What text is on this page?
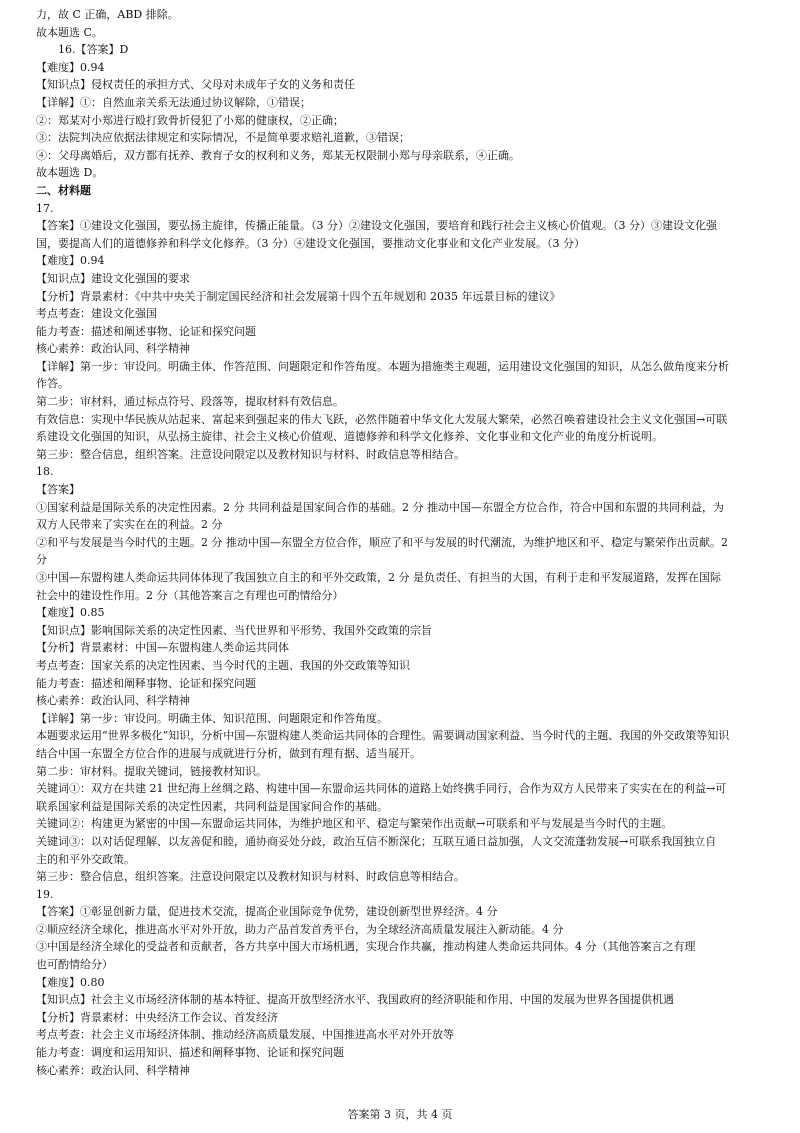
力，故 C 正确，ABD 排除。
故本题选 C。
16.【答案】D
【难度】0.94
【知识点】侵权责任的承担方式、父母对未成年子女的义务和责任
【详解】①：自然血亲关系无法通过协议解除，①错误；
②：郑某对小郑进行殴打致骨折侵犯了小郑的健康权，②正确；
③：法院判决应依据法律规定和实际情况，不是简单要求赔礼道歉，③错误；
④：父母离婚后，双方都有抚养、教育子女的权利和义务，郑某无权限制小郑与母亲联系，④正确。
故本题选 D。
二、材料题
17.
【答案】①建设文化强国，要弘扬主旋律，传播正能量。（3 分）②建设文化强国，要培育和践行社会主义核心价值观。（3 分）③建设文化强
国，要提高人们的道德修养和科学文化修养。（3 分）④建设文化强国，要推动文化事业和文化产业发展。（3 分）
【难度】0.94
【知识点】建设文化强国的要求
【分析】背景素材：《中共中央关于制定国民经济和社会发展第十四个五年规划和 2035 年远景目标的建议》
考点考查：建设文化强国
能力考查：描述和阐述事物、论证和探究问题
核心素养：政治认同、科学精神
【详解】第一步：审设问。明确主体、作答范围、问题限定和作答角度。本题为措施类主观题，运用建设文化强国的知识，从怎么做角度来分析
作答。
第二步：审材料，通过标点符号、段落等，提取材料有效信息。
有效信息：实现中华民族从站起来、富起来到强起来的伟大飞跃，必然伴随着中华文化大发展大繁荣，必然召唤着建设社会主义文化强国→可联
系建设文化强国的知识，从弘扬主旋律、社会主义核心价值观、道德修养和科学文化修养、文化事业和文化产业的角度分析说明。
第三步：整合信息，组织答案。注意设问限定以及教材知识与材料、时政信息等相结合。
18.
【答案】
①国家利益是国际关系的决定性因素。2 分 共同利益是国家间合作的基础。2 分 推动中国—东盟全方位合作，符合中国和东盟的共同利益，为
双方人民带来了实实在在的利益。2 分
②和平与发展是当今时代的主题。2 分 推动中国—东盟全方位合作，顺应了和平与发展的时代潮流，为维护地区和平、稳定与繁荣作出贡献。2
分
③中国—东盟构建人类命运共同体体现了我国独立自主的和平外交政策，2 分 是负责任、有担当的大国，有利于走和平发展道路，发挥在国际
社会中的建设性作用。2 分（其他答案言之有理也可酌情给分）
【难度】0.85
【知识点】影响国际关系的决定性因素、当代世界和平形势、我国外交政策的宗旨
【分析】背景素材：中国—东盟构建人类命运共同体
考点考查：国家关系的决定性因素、当今时代的主题、我国的外交政策等知识
能力考查：描述和阐释事物、论证和探究问题
核心素养：政治认同、科学精神
【详解】第一步：审设问。明确主体、知识范围、问题限定和作答角度。
本题要求运用“世界多极化”知识，分析中国—东盟构建人类命运共同体的合理性。需要调动国家利益、当今时代的主题、我国的外交政策等知识
结合中国一东盟全方位合作的进展与成就进行分析，做到有理有据、适当展开。
第二步：审材料。提取关键词，链接教材知识。
关键词①：双方在共建 21 世纪海上丝绸之路、构建中国—东盟命运共同体的道路上始终携手同行，合作为双方人民带来了实实在在的利益→可
联系国家利益是国际关系的决定性因素，共同利益是国家间合作的基础。
关键词②：构建更为紧密的中国—东盟命运共同体，为维护地区和平、稳定与繁荣作出贡献→可联系和平与发展是当今时代的主题。
关键词③：以对话促理解、以友善促和睦，通协商妥处分歧，政治互信不断深化；互联互通日益加强，人文交流蓬勃发展→可联系我国独立自
主的和平外交政策。
第三步：整合信息，组织答案。注意设问限定以及教材知识与材料、时政信息等相结合。
19.
【答案】①彰显创新力量，促进技术交流，提高企业国际竞争优势，建设创新型世界经济。4 分
②顺应经济全球化，推进高水平对外开放，助力产品首发首秀平台，为全球经济高质量发展注入新动能。4 分
③中国是经济全球化的受益者和贡献者，各方共享中国大市场机遇，实现合作共赢，推动构建人类命运共同体。4 分（其他答案言之有理
也可酌情给分）
【难度】0.80
【知识点】社会主义市场经济体制的基本特征、提高开放型经济水平、我国政府的经济职能和作用、中国的发展为世界各国提供机遇
【分析】背景素材：中央经济工作会议、首发经济
考点考查：社会主义市场经济体制、推动经济高质量发展、中国推进高水平对外开放等
能力考查：调度和运用知识、描述和阐释事物、论证和探究问题
核心素养：政治认同、科学精神
答案第 3 页，共 4 页
